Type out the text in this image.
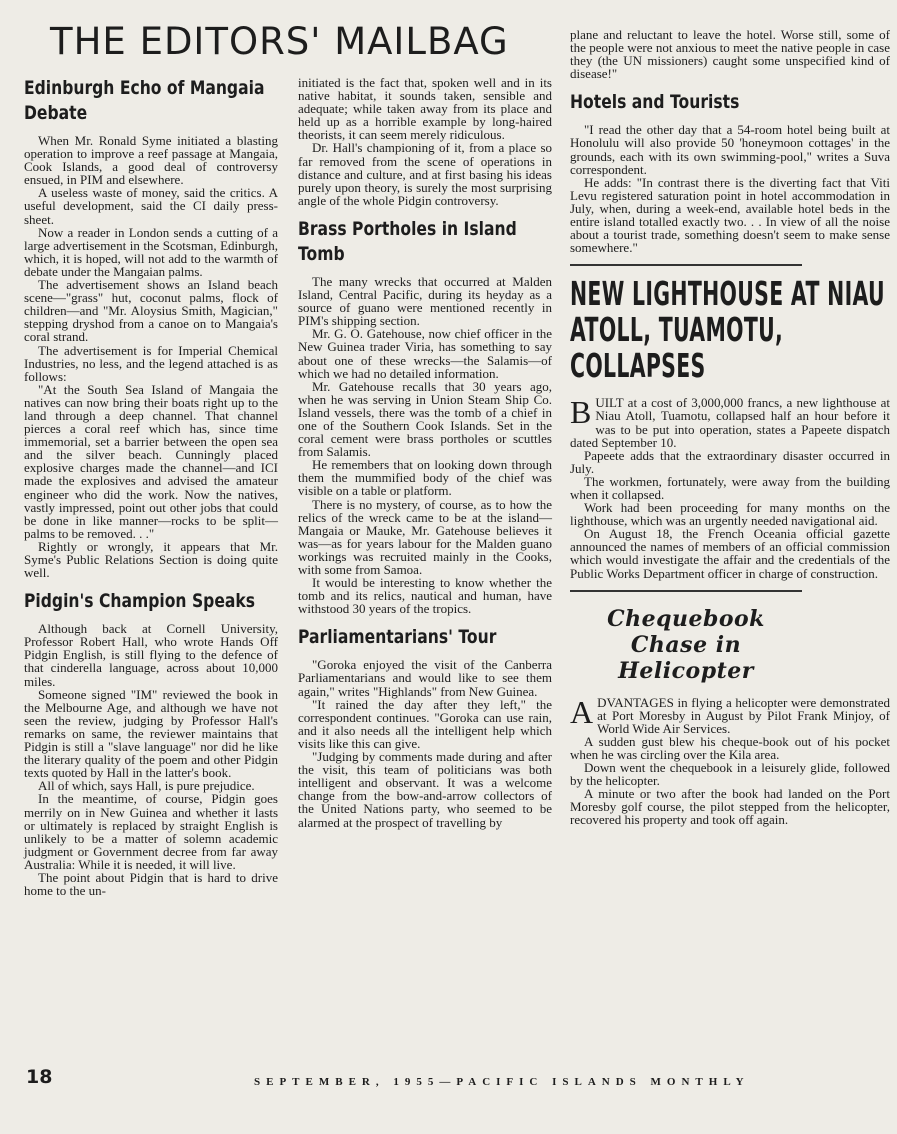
THE EDITORS' MAILBAG
Edinburgh Echo of Mangaia Debate

When Mr. Ronald Syme initiated a blasting operation to improve a reef passage at Mangaia, Cook Islands, a good deal of controversy ensued, in PIM and elsewhere.

A useless waste of money, said the critics. A useful development, said the CI daily press-sheet.

Now a reader in London sends a cutting of a large advertisement in the Scotsman, Edinburgh, which, it is hoped, will not add to the warmth of debate under the Mangaian palms.

The advertisement shows an Island beach scene—"grass" hut, coconut palms, flock of children—and "Mr. Aloysius Smith, Magician," stepping dryshod from a canoe on to Mangaia's coral strand.

The advertisement is for Imperial Chemical Industries, no less, and the legend attached is as follows:

"At the South Sea Island of Mangaia the natives can now bring their boats right up to the land through a deep channel. That channel pierces a coral reef which has, since time immemorial, set a barrier between the open sea and the silver beach. Cunningly placed explosive charges made the channel—and ICI made the explosives and advised the amateur engineer who did the work. Now the natives, vastly impressed, point out other jobs that could be done in like manner—rocks to be split—palms to be removed. . ."

Rightly or wrongly, it appears that Mr. Syme's Public Relations Section is doing quite well.

Pidgin's Champion Speaks

Although back at Cornell University, Professor Robert Hall, who wrote Hands Off Pidgin English, is still flying to the defence of that cinderella language, across about 10,000 miles.

Someone signed "IM" reviewed the book in the Melbourne Age, and although we have not seen the review, judging by Professor Hall's remarks on same, the reviewer maintains that Pidgin is still a "slave language" nor did he like the literary quality of the poem and other Pidgin texts quoted by Hall in the latter's book.

All of which, says Hall, is pure prejudice.

In the meantime, of course, Pidgin goes merrily on in New Guinea and whether it lasts or ultimately is replaced by straight English is unlikely to be a matter of solemn academic judgment or Government decree from far away Australia: While it is needed, it will live.

The point about Pidgin that is hard to drive home to the un-

initiated is the fact that, spoken well and in its native habitat, it sounds taken, sensible and adequate; while taken away from its place and held up as a horrible example by long-haired theorists, it can seem merely ridiculous.

Dr. Hall's championing of it, from a place so far removed from the scene of operations in distance and culture, and at first basing his ideas purely upon theory, is surely the most surprising angle of the whole Pidgin controversy.

Brass Portholes in Island Tomb

The many wrecks that occurred at Malden Island, Central Pacific, during its heyday as a source of guano were mentioned recently in PIM's shipping section.

Mr. G. O. Gatehouse, now chief officer in the New Guinea trader Viria, has something to say about one of these wrecks—the Salamis—of which we had no detailed information.

Mr. Gatehouse recalls that 30 years ago, when he was serving in Union Steam Ship Co. Island vessels, there was the tomb of a chief in one of the Southern Cook Islands. Set in the coral cement were brass portholes or scuttles from Salamis.

He remembers that on looking down through them the mummified body of the chief was visible on a table or platform.

There is no mystery, of course, as to how the relics of the wreck came to be at the island—Mangaia or Mauke, Mr. Gatehouse believes it was—as for years labour for the Malden guano workings was recruited mainly in the Cooks, with some from Samoa.

It would be interesting to know whether the tomb and its relics, nautical and human, have withstood 30 years of the tropics.

Parliamentarians' Tour

"Goroka enjoyed the visit of the Canberra Parliamentarians and would like to see them again," writes "Highlands" from New Guinea.

"It rained the day after they left," the correspondent continues. "Goroka can use rain, and it also needs all the intelligent help which visits like this can give.

"Judging by comments made during and after the visit, this team of politicians was both intelligent and observant. It was a welcome change from the bow-and-arrow collectors of the United Nations party, who seemed to be alarmed at the prospect of travelling by

plane and reluctant to leave the hotel. Worse still, some of the people were not anxious to meet the native people in case they (the UN missioners) caught some unspecified kind of disease!"

Hotels and Tourists

"I read the other day that a 54-room hotel being built at Honolulu will also provide 50 'honeymoon cottages' in the grounds, each with its own swimming-pool," writes a Suva correspondent.

He adds: "In contrast there is the diverting fact that Viti Levu registered saturation point in hotel accommodation in July, when, during a week-end, available hotel beds in the entire island totalled exactly two. . . In view of all the noise about a tourist trade, something doesn't seem to make sense somewhere."

NEW LIGHTHOUSE AT NIAU ATOLL, TUAMOTU, COLLAPSES

BUILT at a cost of 3,000,000 francs, a new lighthouse at Niau Atoll, Tuamotu, collapsed half an hour before it was to be put into operation, states a Papeete dispatch dated September 10.

Papeete adds that the extraordinary disaster occurred in July.

The workmen, fortunately, were away from the building when it collapsed.

Work had been proceeding for many months on the lighthouse, which was an urgently needed navigational aid.

On August 18, the French Oceania official gazette announced the names of members of an official commission which would investigate the affair and the credentials of the Public Works Department officer in charge of construction.

Chequebook Chase in Helicopter

ADVANTAGES in flying a helicopter were demonstrated at Port Moresby in August by Pilot Frank Minjoy, of World Wide Air Services.

A sudden gust blew his cheque-book out of his pocket when he was circling over the Kila area.

Down went the chequebook in a leisurely glide, followed by the helicopter.

A minute or two after the book had landed on the Port Moresby golf course, the pilot stepped from the helicopter, recovered his property and took off again.

18	SEPTEMBER, 1955—PACIFIC ISLANDS MONTHLY
